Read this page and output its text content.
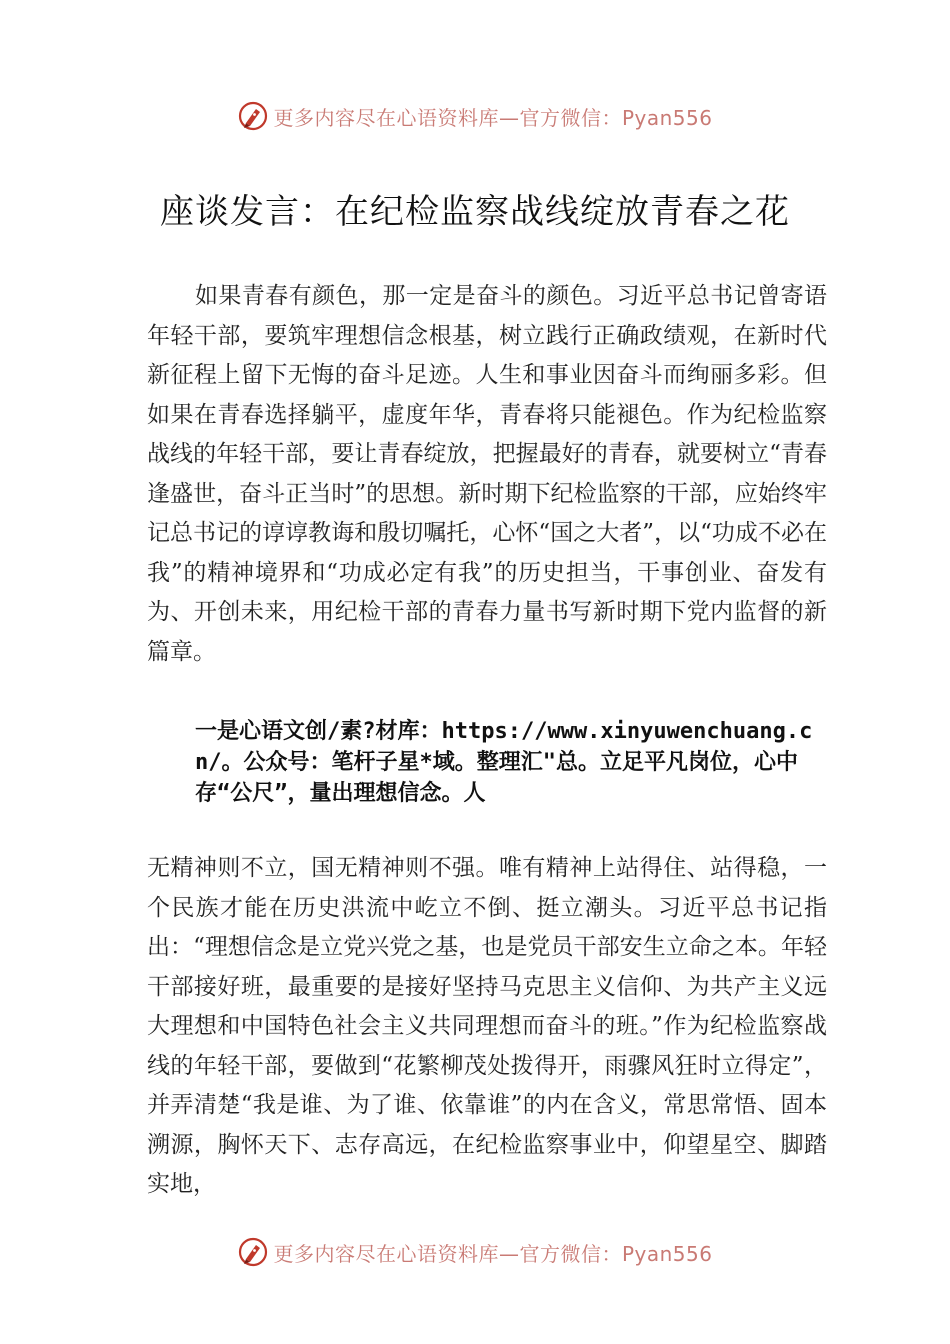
更多内容尽在心语资料库—官方微信：Pyan556
座谈发言：在纪检监察战线绽放青春之花

如果青春有颜色，那一定是奋斗的颜色。习近平总书记曾寄语年轻干部，要筑牢理想信念根基，树立践行正确政绩观，在新时代新征程上留下无悔的奋斗足迹。人生和事业因奋斗而绚丽多彩。但如果在青春选择躺平，虚度年华，青春将只能褪色。作为纪检监察战线的年轻干部，要让青春绽放，把握最好的青春，就要树立“青春逢盛世，奋斗正当时”的思想。新时期下纪检监察的干部，应始终牢记总书记的谆谆教诲和殷切嘱托，心怀“国之大者”，以“功成不必在我”的精神境界和“功成必定有我”的历史担当，干事创业、奋发有为、开创未来，用纪检干部的青春力量书写新时期下党内监督的新篇章。

一是心语文创/素?材库：https://www.xinyuwenchuang.cn/。公众号：笔杆子星*域。整理汇"总。立足平凡岗位，心中存“公尺”，量出理想信念。人

无精神则不立，国无精神则不强。唯有精神上站得住、站得稳，一个民族才能在历史洪流中屹立不倒、挺立潮头。习近平总书记指出：“理想信念是立党兴党之基，也是党员干部安生立命之本。年轻干部接好班，最重要的是接好坚持马克思主义信仰、为共产主义远大理想和中国特色社会主义共同理想而奋斗的班。”作为纪检监察战线的年轻干部，要做到“花繁柳茂处拨得开，雨骤风狂时立得定”，并弄清楚“我是谁、为了谁、依靠谁”的内在含义，常思常悟、固本溯源，胸怀天下、志存高远，在纪检监察事业中，仰望星空、脚踏实地，

更多内容尽在心语资料库—官方微信：Pyan556
